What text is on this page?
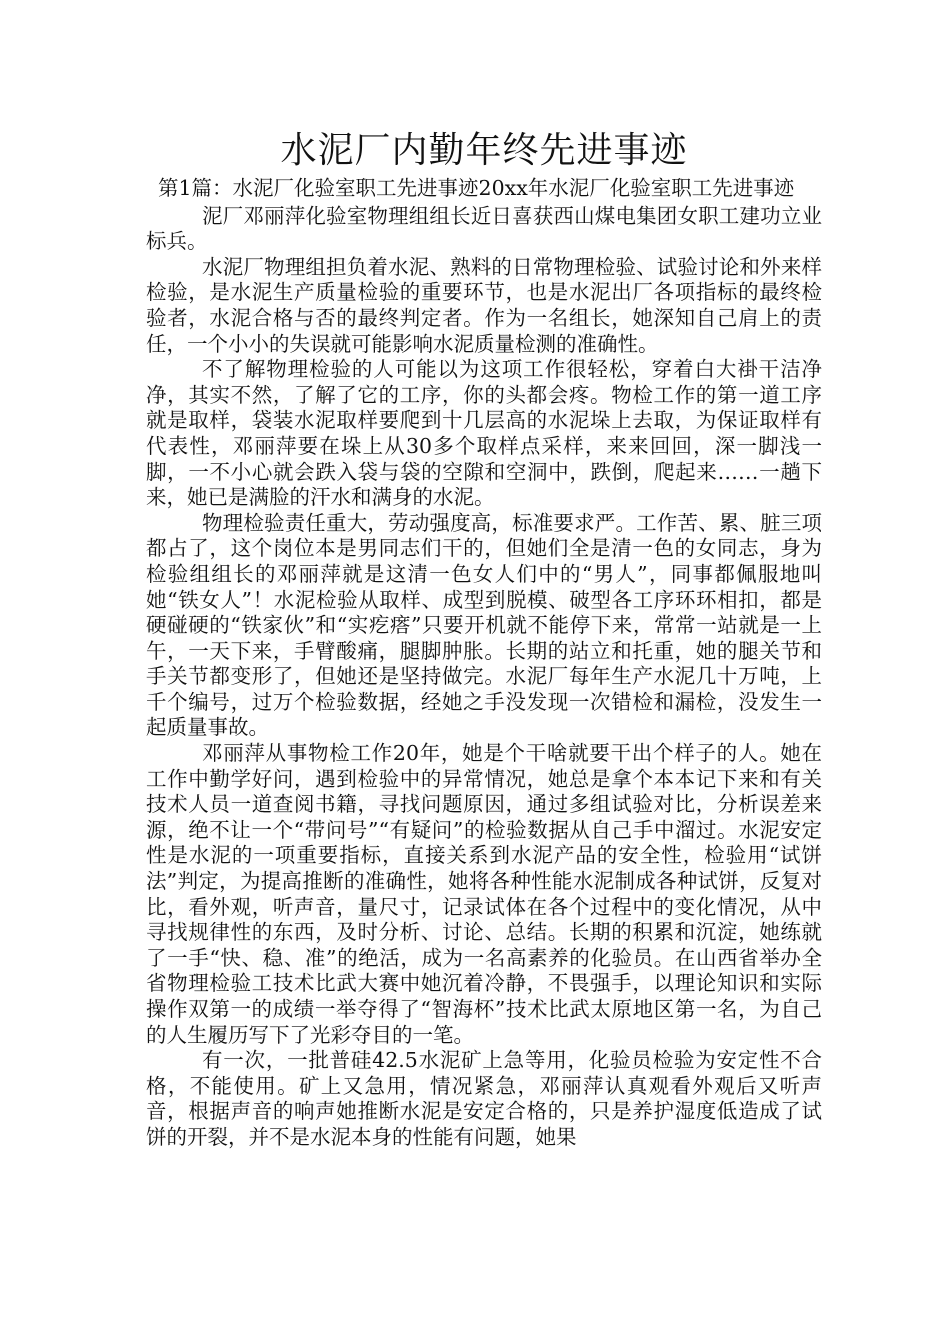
水泥厂内勤年终先进事迹

第1篇：水泥厂化验室职工先进事迹20xx年水泥厂化验室职工先进事迹

泥厂邓丽萍化验室物理组组长近日喜获西山煤电集团女职工建功立业标兵。

水泥厂物理组担负着水泥、熟料的日常物理检验、试验讨论和外来样检验，是水泥生产质量检验的重要环节，也是水泥出厂各项指标的最终检验者，水泥合格与否的最终判定者。作为一名组长，她深知自己肩上的责任，一个小小的失误就可能影响水泥质量检测的准确性。

不了解物理检验的人可能以为这项工作很轻松，穿着白大褂干洁净净，其实不然，了解了它的工序，你的头都会疼。物检工作的第一道工序就是取样，袋装水泥取样要爬到十几层高的水泥垛上去取，为保证取样有代表性，邓丽萍要在垛上从30多个取样点采样，来来回回，深一脚浅一脚，一不小心就会跌入袋与袋的空隙和空洞中，跌倒，爬起来……一趟下来，她已是满脸的汗水和满身的水泥。

物理检验责任重大，劳动强度高，标准要求严。工作苦、累、脏三项都占了，这个岗位本是男同志们干的，但她们全是清一色的女同志，身为检验组组长的邓丽萍就是这清一色女人们中的“男人”，同事都佩服地叫她“铁女人”！水泥检验从取样、成型到脱模、破型各工序环环相扣，都是硬碰硬的“铁家伙”和“实疙瘩”只要开机就不能停下来，常常一站就是一上午，一天下来，手臂酸痛，腿脚肿胀。长期的站立和托重，她的腿关节和手关节都变形了，但她还是坚持做完。水泥厂每年生产水泥几十万吨，上千个编号，过万个检验数据，经她之手没发现一次错检和漏检，没发生一起质量事故。

邓丽萍从事物检工作20年，她是个干啥就要干出个样子的人。她在工作中勤学好问，遇到检验中的异常情况，她总是拿个本本记下来和有关技术人员一道查阅书籍，寻找问题原因，通过多组试验对比，分析误差来源，绝不让一个“带问号”“有疑问”的检验数据从自己手中溜过。水泥安定性是水泥的一项重要指标，直接关系到水泥产品的安全性，检验用“试饼法”判定，为提高推断的准确性，她将各种性能水泥制成各种试饼，反复对比，看外观，听声音，量尺寸，记录试体在各个过程中的变化情况，从中寻找规律性的东西，及时分析、讨论、总结。长期的积累和沉淀，她练就了一手“快、稳、准”的绝活，成为一名高素养的化验员。在山西省举办全省物理检验工技术比武大赛中她沉着冷静，不畏强手，以理论知识和实际操作双第一的成绩一举夺得了“智海杯”技术比武太原地区第一名，为自己的人生履历写下了光彩夺目的一笔。

有一次，一批普硅42.5水泥矿上急等用，化验员检验为安定性不合格，不能使用。矿上又急用，情况紧急，邓丽萍认真观看外观后又听声音，根据声音的响声她推断水泥是安定合格的，只是养护湿度低造成了试饼的开裂，并不是水泥本身的性能有问题，她果
